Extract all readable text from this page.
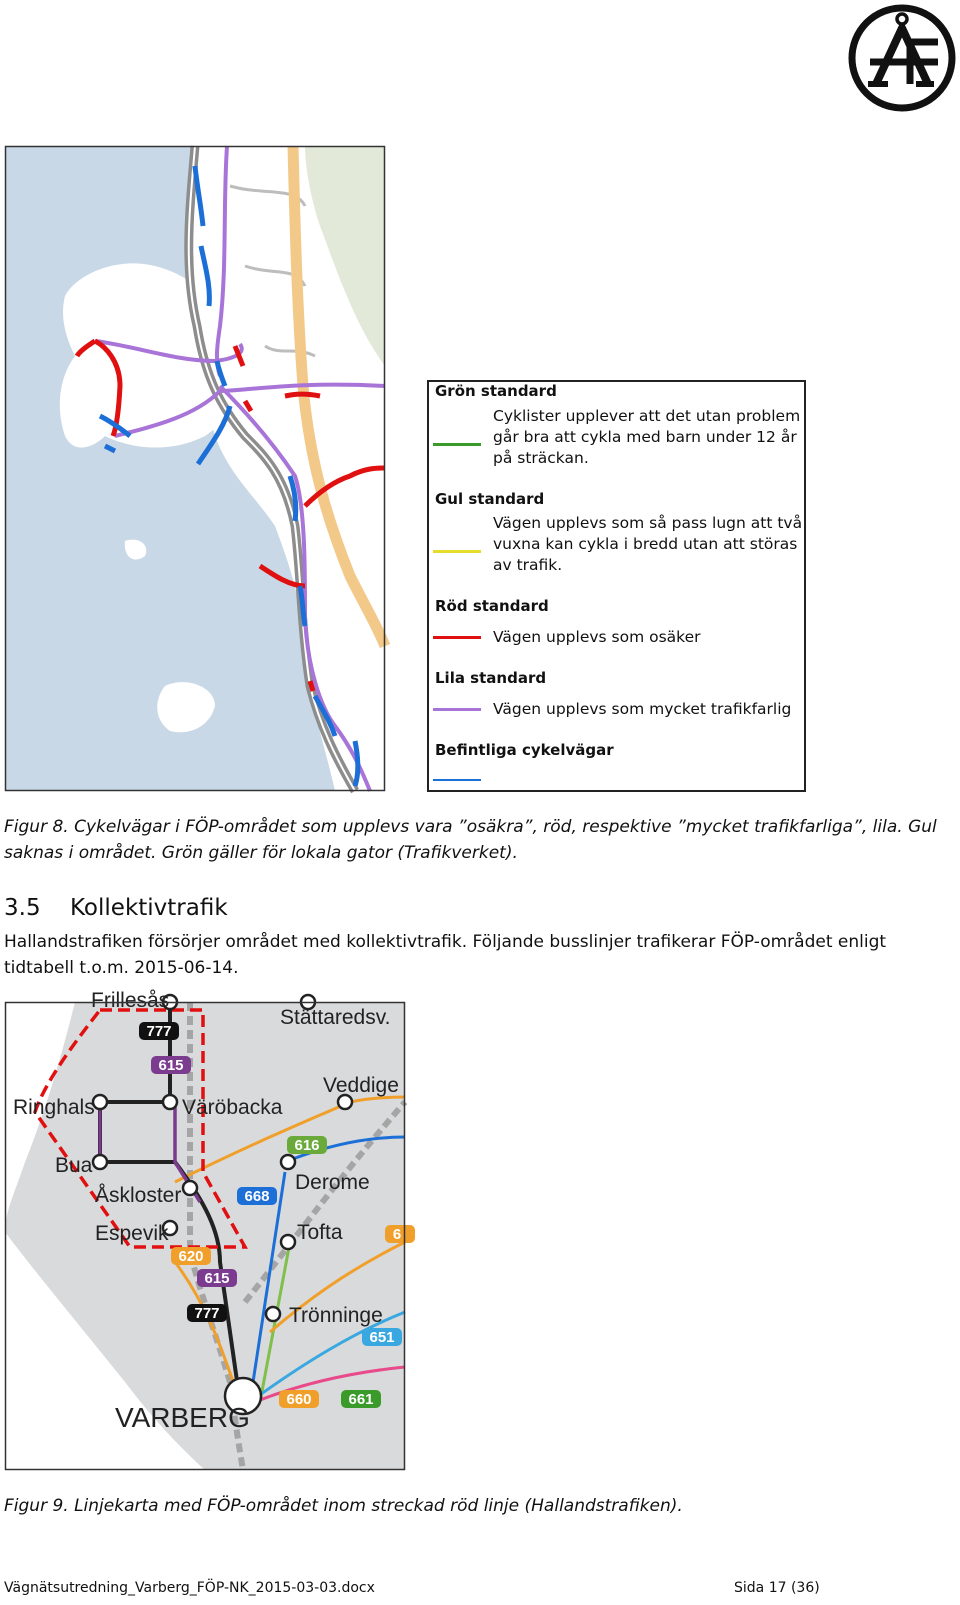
Grön standard
Cyklister upplever att det utan problem går bra att cykla med barn under 12 år på sträckan.
Gul standard
Vägen upplevs som så pass lugn att två vuxna kan cykla i bredd utan att störas av trafik.
Röd standard
Vägen upplevs som osäker
Lila standard
Vägen upplevs som mycket trafikfarlig
Befintliga cykelvägar
Figur 8. Cykelvägar i FÖP-området som upplevs vara ”osäkra”, röd, respektive ”mycket trafikfarliga”, lila. Gul saknas i området. Grön gäller för lokala gator (Trafikverket).
3.5 Kollektivtrafik
Hallandstrafiken försörjer området med kollektivtrafik. Följande busslinjer trafikerar FÖP-området enligt tidtabell t.o.m. 2015-06-14.
Frillesås
Stättaredsv.
Veddige
Ringhals	Väröbacka
Bua
Åskloster
Espevik
Derome
Tofta
Trönninge
VARBERG
777
615
616
668
620
615
777
651
660 661
6
Figur 9. Linjekarta med FÖP-området inom streckad röd linje (Hallandstrafiken).
Vägnätsutredning_Varberg_FÖP-NK_2015-03-03.docx	Sida 17 (36)
